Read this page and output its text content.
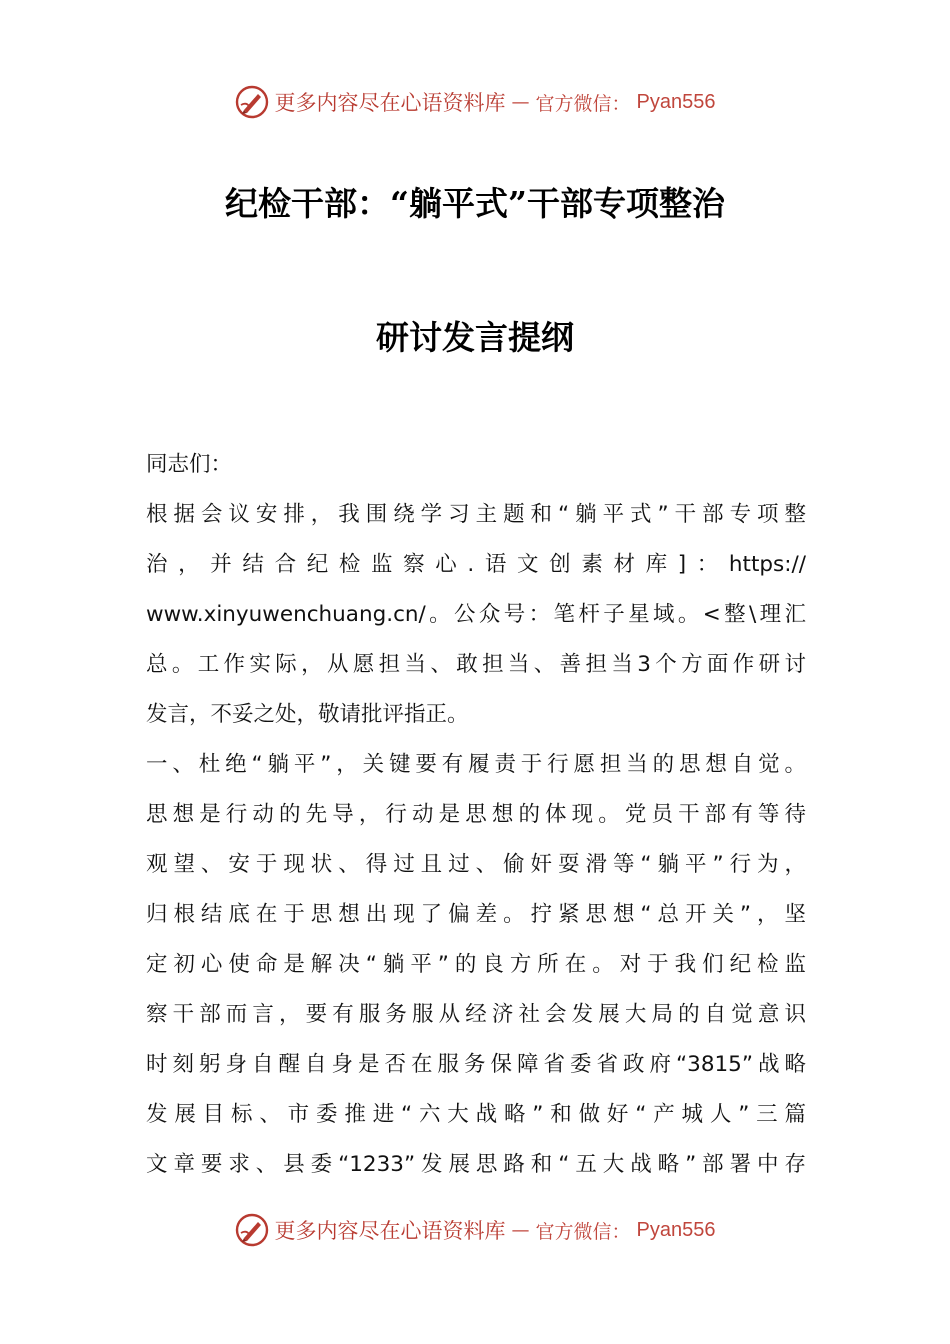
更多内容尽在心语资料库 — 官方微信： Pyan556
纪检干部：“躺平式”干部专项整治
研讨发言提纲
同志们：
根据会议安排，我围绕学习主题和“躺平式”干部专项整
治，并结合纪检监察心.语文创素材库]：https://
www.xinyuwenchuang.cn/。公众号：笔杆子星域。<整\理汇
总。工作实际，从愿担当、敢担当、善担当3个方面作研讨
发言，不妥之处，敬请批评指正。
一、杜绝“躺平”，关键要有履责于行愿担当的思想自觉。
思想是行动的先导，行动是思想的体现。党员干部有等待
观望、安于现状、得过且过、偷奸耍滑等“躺平”行为，
归根结底在于思想出现了偏差。拧紧思想“总开关”，坚
定初心使命是解决“躺平”的良方所在。对于我们纪检监
察干部而言，要有服务服从经济社会发展大局的自觉意识
时刻躬身自醒自身是否在服务保障省委省政府“3815”战略
发展目标、市委推进“六大战略”和做好“产城人”三篇
文章要求、县委“1233”发展思路和“五大战略”部署中存
更多内容尽在心语资料库 — 官方微信： Pyan556
